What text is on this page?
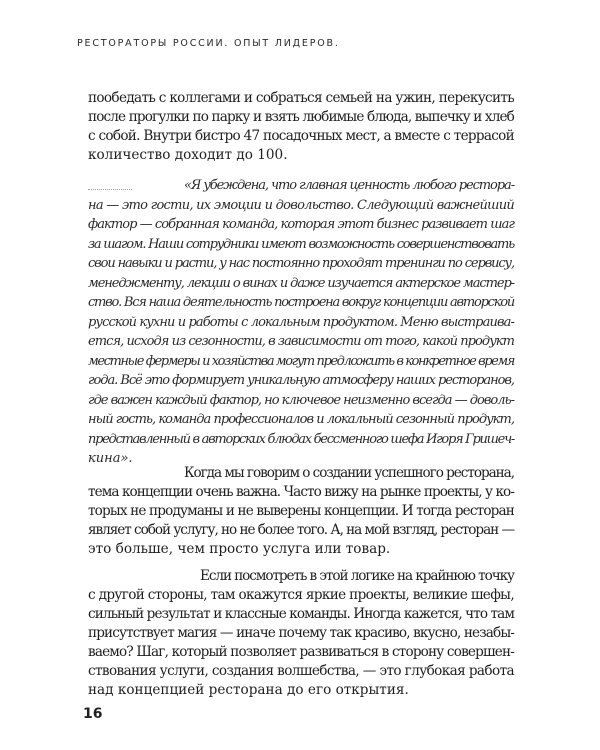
РЕСТОРАТОРЫ РОССИИ. ОПЫТ ЛИДЕРОВ.
пообедать с коллегами и собраться семьей на ужин, перекусить
после прогулки по парку и взять любимые блюда, выпечку и хлеб
с собой. Внутри бистро 47 посадочных мест, а вместе с террасой
количество доходит до 100.
«Я убеждена, что главная ценность любого рестора-
на — это гости, их эмоции и довольство. Следующий важнейший
фактор — собранная команда, которая этот бизнес развивает шаг
за шагом. Наши сотрудники имеют возможность совершенствовать
свои навыки и расти, у нас постоянно проходят тренинги по сервису,
менеджменту, лекции о винах и даже изучается актерское мастер-
ство. Вся наша деятельность построена вокруг концепции авторской
русской кухни и работы с локальным продуктом. Меню выстраива-
ется, исходя из сезонности, в зависимости от того, какой продукт
местные фермеры и хозяйства могут предложить в конкретное время
года. Всё это формирует уникальную атмосферу наших ресторанов,
где важен каждый фактор, но ключевое неизменно всегда — доволь-
ный гость, команда профессионалов и локальный сезонный продукт,
представленный в авторских блюдах бессменного шефа Игоря Гришеч-
кина».
Когда мы говорим о создании успешного ресторана,
тема концепции очень важна. Часто вижу на рынке проекты, у ко-
торых не продуманы и не выверены концепции. И тогда ресторан
являет собой услугу, но не более того. А, на мой взгляд, ресторан —
это больше, чем просто услуга или товар.
Если посмотреть в этой логике на крайнюю точку
с другой стороны, там окажутся яркие проекты, великие шефы,
сильный результат и классные команды. Иногда кажется, что там
присутствует магия — иначе почему так красиво, вкусно, незабы-
ваемо? Шаг, который позволяет развиваться в сторону совершен-
ствования услуги, создания волшебства, — это глубокая работа
над концепцией ресторана до его открытия.
16
